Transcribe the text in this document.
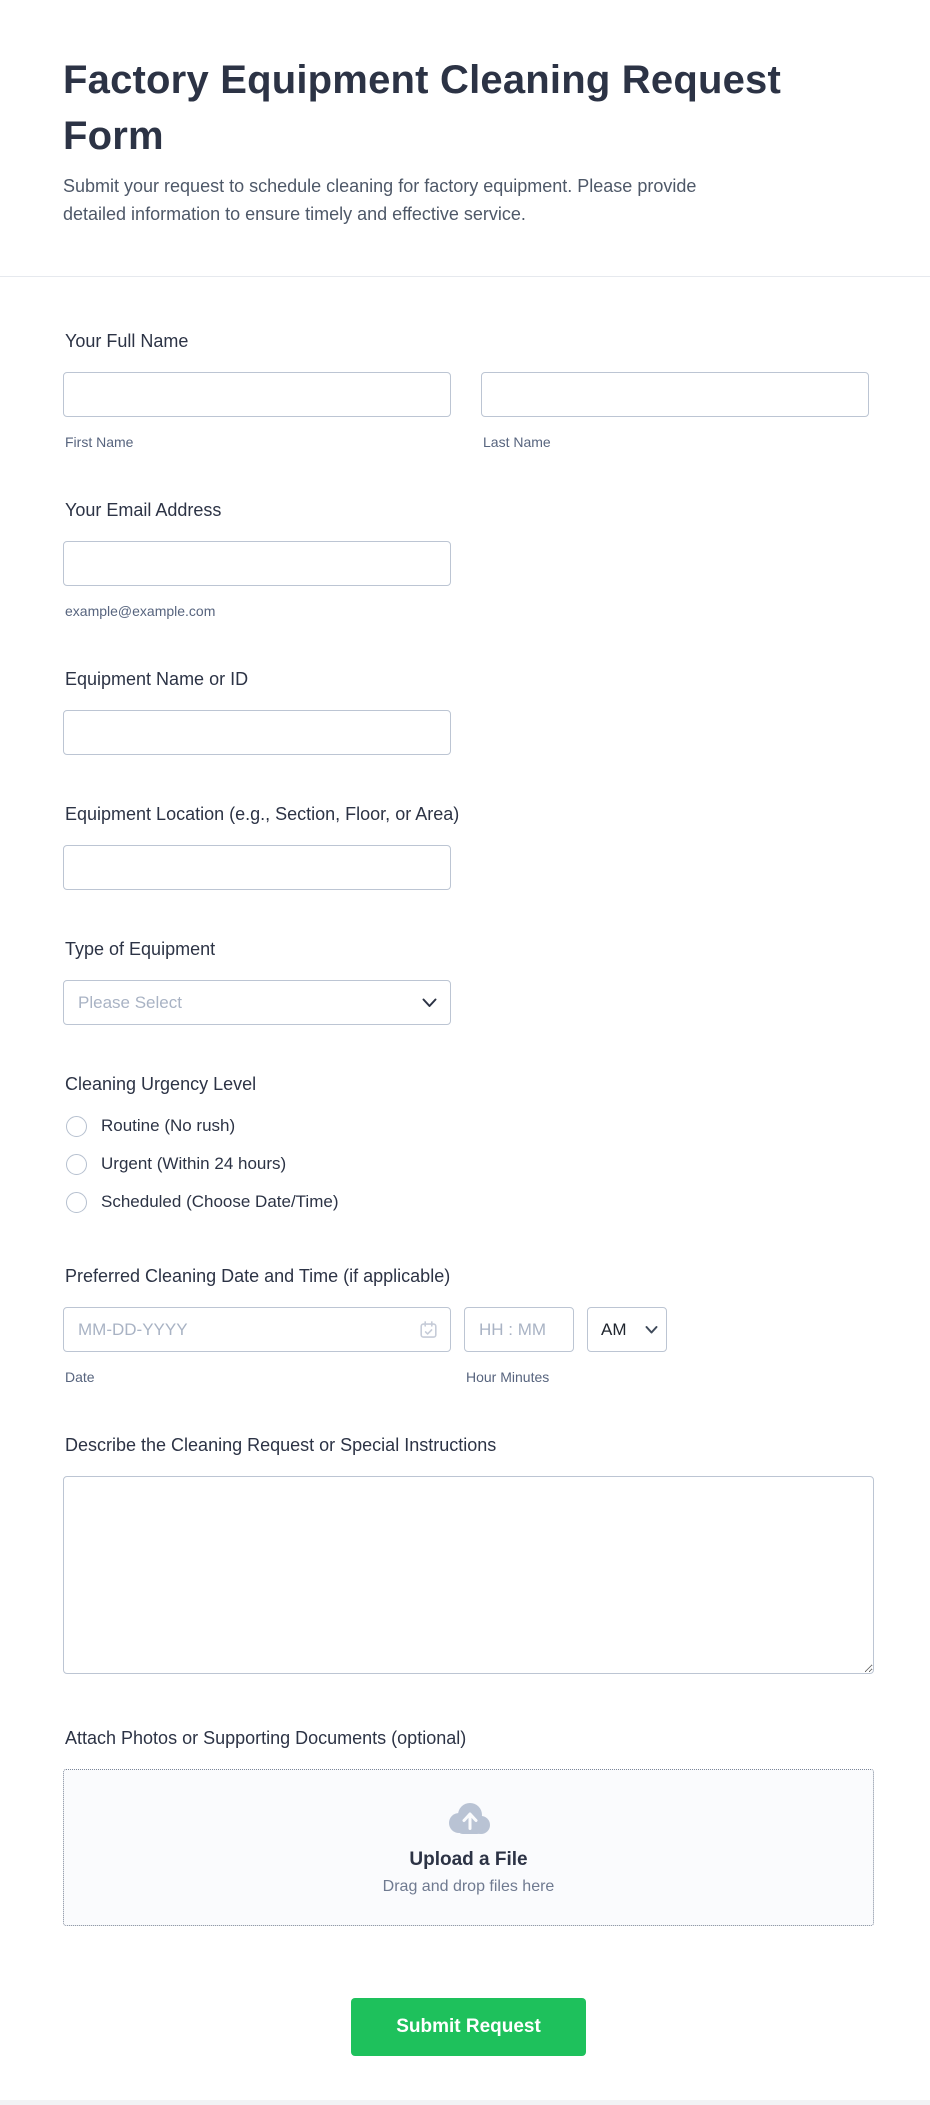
Factory Equipment Cleaning Request Form

Submit your request to schedule cleaning for factory equipment. Please provide detailed information to ensure timely and effective service.

Your Full Name
First Name	Last Name
Your Email Address
example@example.com
Equipment Name or ID
Equipment Location (e.g., Section, Floor, or Area)
Type of Equipment
Please Select
Cleaning Urgency Level
Routine (No rush)
Urgent (Within 24 hours)
Scheduled (Choose Date/Time)
Preferred Cleaning Date and Time (if applicable)
MM-DD-YYYY
HH : MM
AM
Date	Hour Minutes
Describe the Cleaning Request or Special Instructions
Attach Photos or Supporting Documents (optional)
Upload a File
Drag and drop files here
Submit Request
